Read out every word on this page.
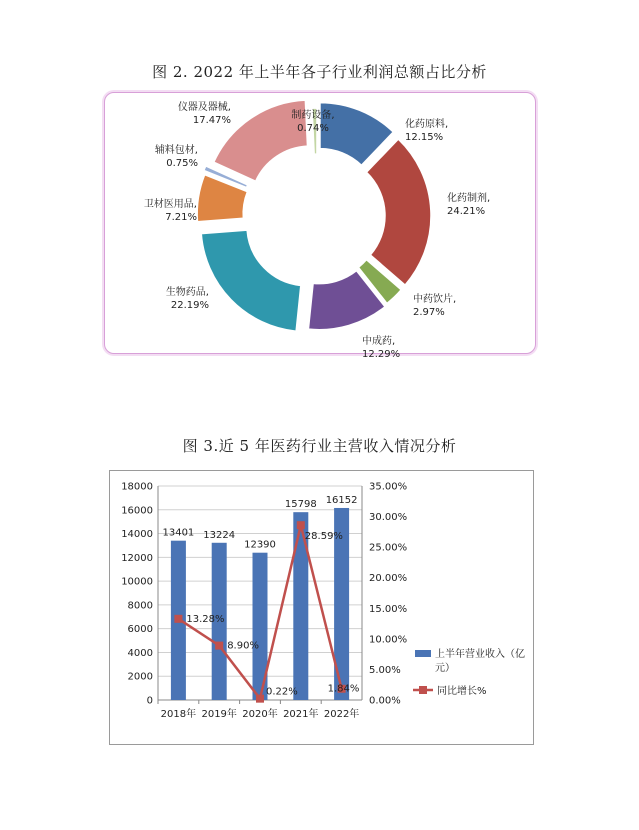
图 2. 2022 年上半年各子行业利润总额占比分析
化药原料,
12.15%
化药制剂,
24.21%
中药饮片,
2.97%
中成药,
12.29%
生物药品,
22.19%
卫材医用品,
7.21%
辅料包材,
0.75%
仪器及器械,
17.47%	制药设备,
0.74%
图 3.近 5 年医药行业主营收入情况分析
0
2000
4000
6000
8000
10000
12000
14000
16000
18000
0.00%
5.00%
10.00%
15.00%
20.00%
25.00%
30.00%
35.00%
13401
2018年
13224
2019年
12390
2020年
15798
2021年
16152
2022年
13.28%
8.90%
0.22%
28.59%
1.84%
上半年营业收入（亿
元）
同比增长%
